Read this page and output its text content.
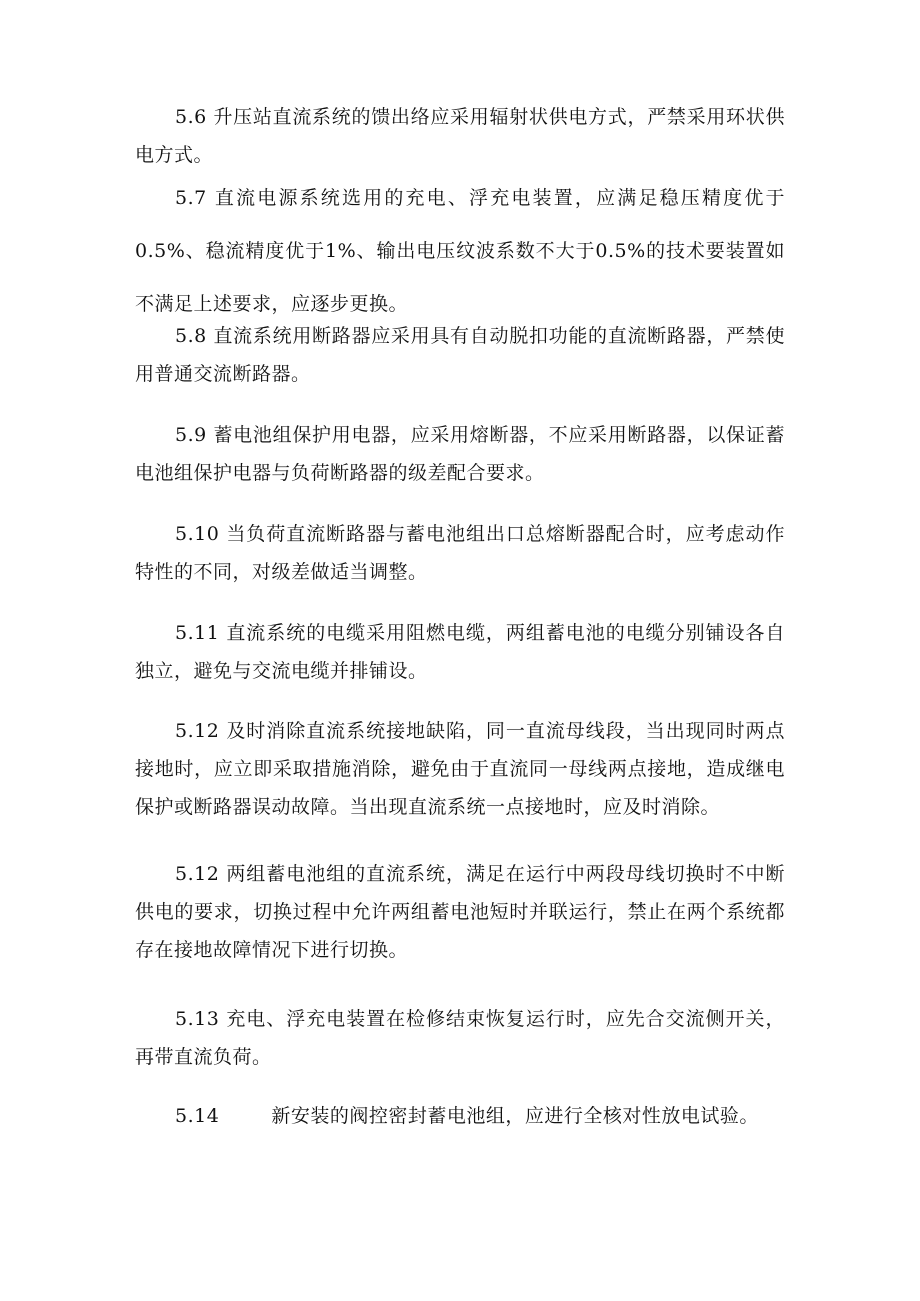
5.6 升压站直流系统的馈出络应采用辐射状供电方式，严禁采用环状供电方式。

5.7 直流电源系统选用的充电、浮充电装置，应满足稳压精度优于0.5%、稳流精度优于1%、输出电压纹波系数不大于0.5%的技术要装置如不满足上述要求，应逐步更换。

5.8 直流系统用断路器应采用具有自动脱扣功能的直流断路器，严禁使用普通交流断路器。

5.9 蓄电池组保护用电器，应采用熔断器，不应采用断路器，以保证蓄电池组保护电器与负荷断路器的级差配合要求。

5.10 当负荷直流断路器与蓄电池组出口总熔断器配合时，应考虑动作特性的不同，对级差做适当调整。

5.11 直流系统的电缆采用阻燃电缆，两组蓄电池的电缆分别铺设各自独立，避免与交流电缆并排铺设。

5.12 及时消除直流系统接地缺陷，同一直流母线段，当出现同时两点接地时，应立即采取措施消除，避免由于直流同一母线两点接地，造成继电保护或断路器误动故障。当出现直流系统一点接地时，应及时消除。

5.12 两组蓄电池组的直流系统，满足在运行中两段母线切换时不中断供电的要求，切换过程中允许两组蓄电池短时并联运行，禁止在两个系统都存在接地故障情况下进行切换。

5.13 充电、浮充电装置在检修结束恢复运行时，应先合交流侧开关，再带直流负荷。

5.14	新安装的阀控密封蓄电池组，应进行全核对性放电试验。
